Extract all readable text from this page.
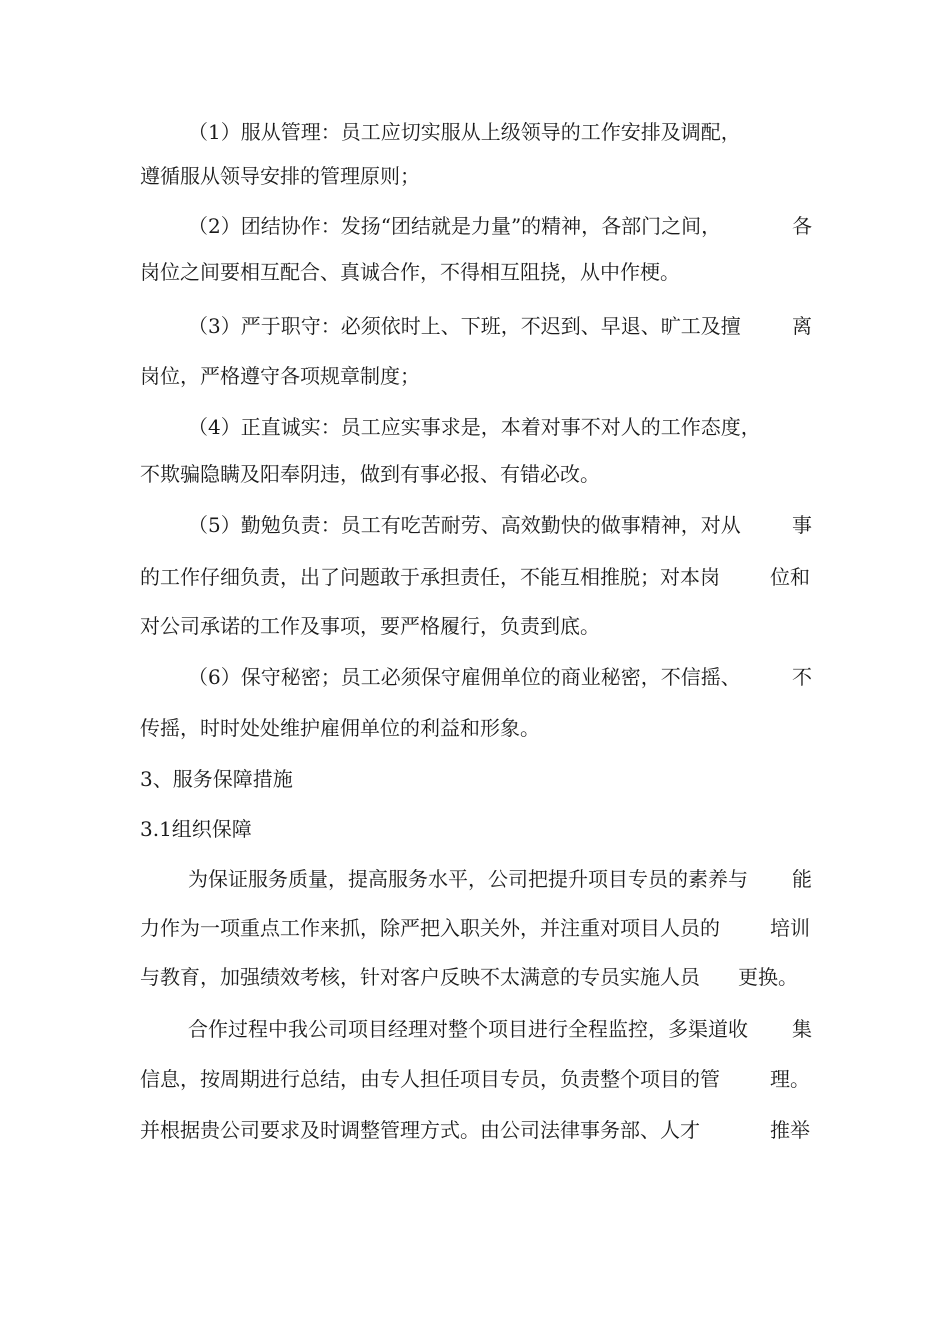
（1）服从管理：员工应切实服从上级领导的工作安排及调配，
遵循服从领导安排的管理原则；
（2）团结协作：发扬“团结就是力量”的精神，各部门之间，	各
岗位之间要相互配合、真诚合作，不得相互阻挠，从中作梗。
（3）严于职守：必须依时上、下班，不迟到、早退、旷工及擅	离
岗位，严格遵守各项规章制度；
（4）正直诚实：员工应实事求是，本着对事不对人的工作态度，
不欺骗隐瞒及阳奉阴违，做到有事必报、有错必改。
（5）勤勉负责：员工有吃苦耐劳、高效勤快的做事精神，对从	事
的工作仔细负责，出了问题敢于承担责任，不能互相推脱；对本岗	位和
对公司承诺的工作及事项，要严格履行，负责到底。
（6）保守秘密；员工必须保守雇佣单位的商业秘密，不信摇、	不
传摇，时时处处维护雇佣单位的利益和形象。
3、服务保障措施
3.1组织保障
为保证服务质量，提高服务水平，公司把提升项目专员的素养与 能
力作为一项重点工作来抓，除严把入职关外，并注重对项目人员的	培训
与教育，加强绩效考核，针对客户反映不太满意的专员实施人员 更换。
合作过程中我公司项目经理对整个项目进行全程监控，多渠道收 集
信息，按周期进行总结，由专人担任项目专员，负责整个项目的管	理。
并根据贵公司要求及时调整管理方式。由公司法律事务部、人才	推举
